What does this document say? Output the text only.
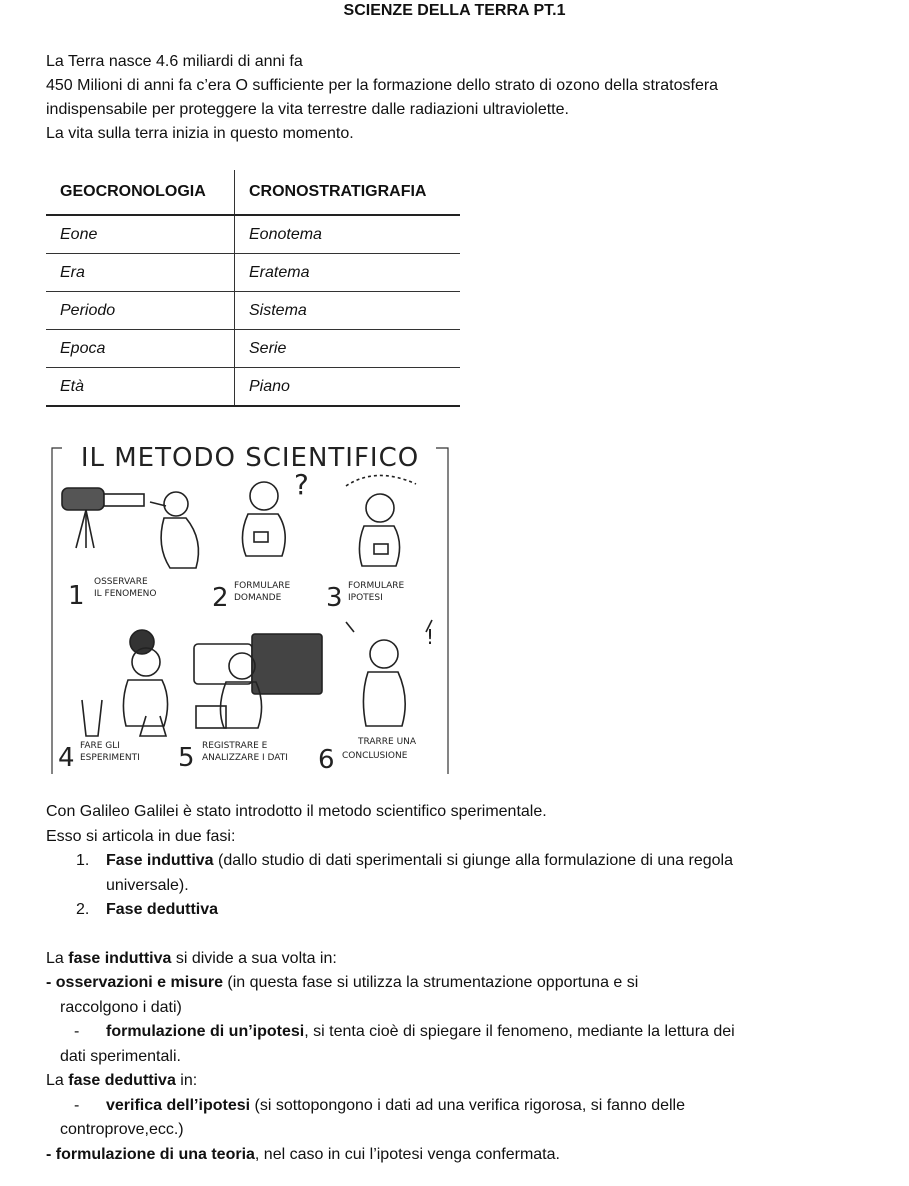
SCIENZE DELLA TERRA PT.1

La Terra nasce 4.6 miliardi di anni fa

450 Milioni di anni fa c’era O sufficiente per la formazione dello strato di ozono della stratosfera

indispensabile per proteggere la vita terrestre dalle radiazioni ultraviolette.

La vita sulla terra inizia in questo momento.

GEOCRONOLOGIA	CRONOSTRATIGRAFIA
Eone	Eonotema
Era	Eratema
Periodo	Sistema
Epoca	Serie
Età	Piano
IL METODO SCIENTIFICO
?
1 OSSERVARE
IL FENOMENO 2 FORMULARE
DOMANDE 3 FORMULARE
IPOTESI
!
4 FARE GLI
ESPERIMENTI 5 REGISTRARE E
ANALIZZARE I DATI 6
TRARRE UNA
CONCLUSIONE

Con Galileo Galilei è stato introdotto il metodo scientifico sperimentale.

Esso si articola in due fasi:

1. Fase induttiva (dallo studio di dati sperimentali si giunge alla formulazione di una regola
universale).
2. Fase deduttiva

La fase induttiva si divide a sua volta in:

- osservazioni e misure (in questa fase si utilizza la strumentazione opportuna e si

raccolgono i dati)

- formulazione di un’ipotesi, si tenta cioè di spiegare il fenomeno, mediante la lettura dei

dati sperimentali.

La fase deduttiva in:

- verifica dell’ipotesi (si sottopongono i dati ad una verifica rigorosa, si fanno delle

controprove,ecc.)

- formulazione di una teoria, nel caso in cui l’ipotesi venga confermata.
